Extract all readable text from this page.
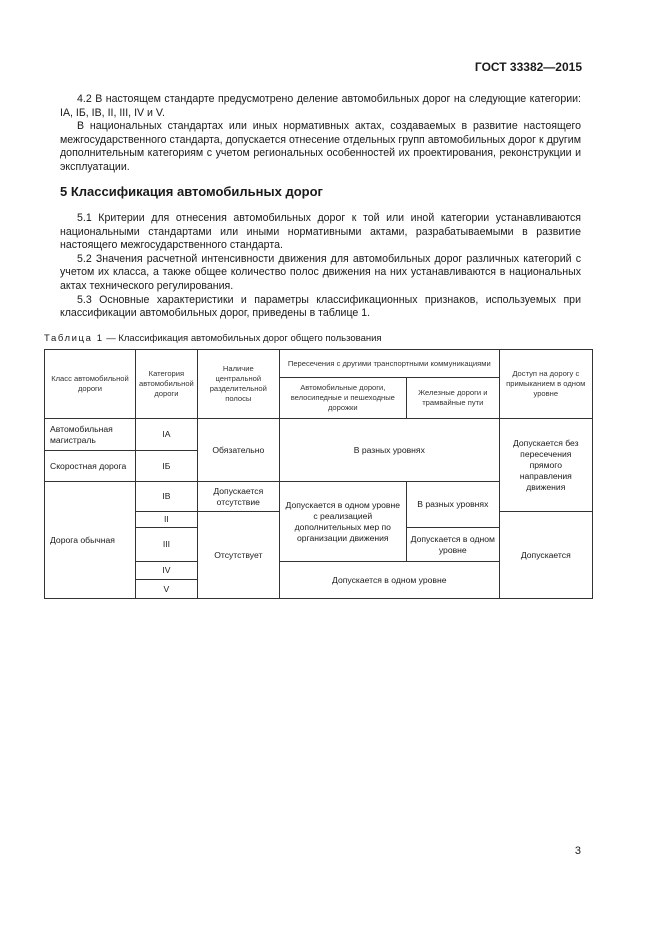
ГОСТ 33382—2015

4.2 В настоящем стандарте предусмотрено деление автомобильных дорог на следующие категории: IА, IБ, IВ, II, III, IV и V.

В национальных стандартах или иных нормативных актах, создаваемых в развитие настоящего межгосударственного стандарта, допускается отнесение отдельных групп автомобильных дорог к другим дополнительным категориям с учетом региональных особенностей их проектирования, реконструкции и эксплуатации.

5 Классификация автомобильных дорог

5.1 Критерии для отнесения автомобильных дорог к той или иной категории устанавливаются национальными стандартами или иными нормативными актами, разрабатываемыми в развитие настоящего межгосударственного стандарта.

5.2 Значения расчетной интенсивности движения для автомобильных дорог различных категорий с учетом их класса, а также общее количество полос движения на них устанавливаются в национальных актах технического регулирования.

5.3 Основные характеристики и параметры классификационных признаков, используемых при классификации автомобильных дорог, приведены в таблице 1.

Таблица 1 — Классификация автомобильных дорог общего пользования
Класс автомобильной дороги	Категория автомобильной дороги	Наличие центральной разделительной полосы	Пересечения с другими транспортными коммуникациями		Доступ на дорогу с примыканием в одном уровне
			Автомобильные дороги, велосипедные и пешеходные дорожки	Железные дороги и трамвайные пути	
Автомобильная магистраль	IА	Обязательно	В разных уровнях		Допускается без пересечения прямого направления движения
Скоростная дорога	IБ				
Дорога обычная	IВ	Допускается отсутствие	Допускается в одном уровне с реализацией дополнительных мер по организации движения	В разных уровнях	
	II	Отсутствует			Допускается
	III			Допускается в одном уровне	
	IV		Допускается в одном уровне		
	V				
3
